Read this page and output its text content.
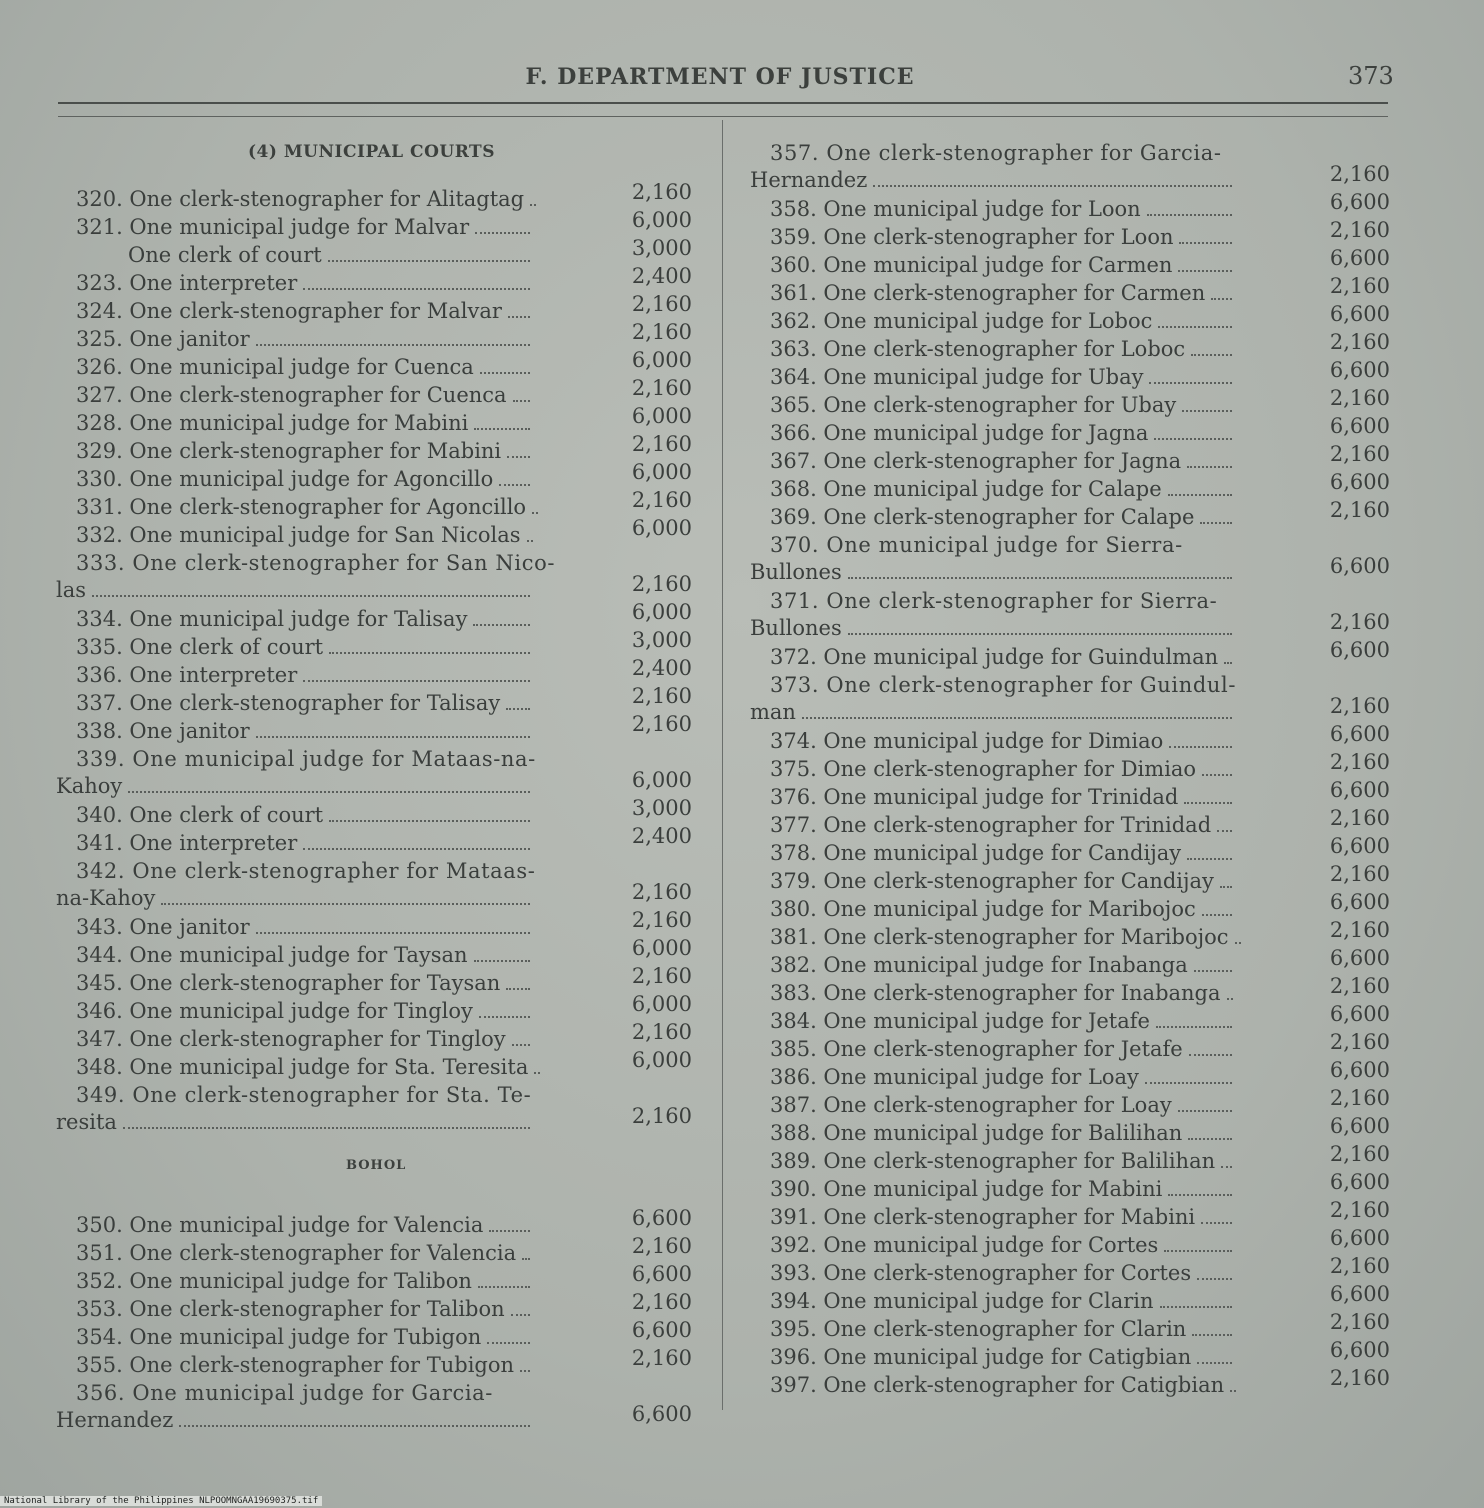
F. DEPARTMENT OF JUSTICE	373
(4) MUNICIPAL COURTS
BOHOL
320. One clerk-stenographer for Alitagtag	2,160
321. One municipal judge for Malvar	6,000
One clerk of court	3,000
323. One interpreter	2,400
324. One clerk-stenographer for Malvar	2,160
325. One janitor	2,160
326. One municipal judge for Cuenca	6,000
327. One clerk-stenographer for Cuenca	2,160
328. One municipal judge for Mabini	6,000
329. One clerk-stenographer for Mabini	2,160
330. One municipal judge for Agoncillo	6,000
331. One clerk-stenographer for Agoncillo	2,160
332. One municipal judge for San Nicolas	6,000
333. One clerk-stenographer for San Nico-
las	2,160
334. One municipal judge for Talisay	6,000
335. One clerk of court	3,000
336. One interpreter	2,400
337. One clerk-stenographer for Talisay	2,160
338. One janitor	2,160
339. One municipal judge for Mataas-na-
Kahoy	6,000
340. One clerk of court	3,000
341. One interpreter	2,400
342. One clerk-stenographer for Mataas-
na-Kahoy	2,160
343. One janitor	2,160
344. One municipal judge for Taysan	6,000
345. One clerk-stenographer for Taysan	2,160
346. One municipal judge for Tingloy	6,000
347. One clerk-stenographer for Tingloy	2,160
348. One municipal judge for Sta. Teresita	6,000
349. One clerk-stenographer for Sta. Te-
resita	2,160
350. One municipal judge for Valencia	6,600
351. One clerk-stenographer for Valencia	2,160
352. One municipal judge for Talibon	6,600
353. One clerk-stenographer for Talibon	2,160
354. One municipal judge for Tubigon	6,600
355. One clerk-stenographer for Tubigon	2,160
356. One municipal judge for Garcia-
Hernandez	6,600
357. One clerk-stenographer for Garcia-
Hernandez	2,160
358. One municipal judge for Loon	6,600
359. One clerk-stenographer for Loon	2,160
360. One municipal judge for Carmen	6,600
361. One clerk-stenographer for Carmen	2,160
362. One municipal judge for Loboc	6,600
363. One clerk-stenographer for Loboc	2,160
364. One municipal judge for Ubay	6,600
365. One clerk-stenographer for Ubay	2,160
366. One municipal judge for Jagna	6,600
367. One clerk-stenographer for Jagna	2,160
368. One municipal judge for Calape	6,600
369. One clerk-stenographer for Calape	2,160
370. One municipal judge for Sierra-
Bullones	6,600
371. One clerk-stenographer for Sierra-
Bullones	2,160
372. One municipal judge for Guindulman	6,600
373. One clerk-stenographer for Guindul-
man	2,160
374. One municipal judge for Dimiao	6,600
375. One clerk-stenographer for Dimiao	2,160
376. One municipal judge for Trinidad	6,600
377. One clerk-stenographer for Trinidad	2,160
378. One municipal judge for Candijay	6,600
379. One clerk-stenographer for Candijay	2,160
380. One municipal judge for Maribojoc	6,600
381. One clerk-stenographer for Maribojoc	2,160
382. One municipal judge for Inabanga	6,600
383. One clerk-stenographer for Inabanga	2,160
384. One municipal judge for Jetafe	6,600
385. One clerk-stenographer for Jetafe	2,160
386. One municipal judge for Loay	6,600
387. One clerk-stenographer for Loay	2,160
388. One municipal judge for Balilihan	6,600
389. One clerk-stenographer for Balilihan	2,160
390. One municipal judge for Mabini	6,600
391. One clerk-stenographer for Mabini	2,160
392. One municipal judge for Cortes	6,600
393. One clerk-stenographer for Cortes	2,160
394. One municipal judge for Clarin	6,600
395. One clerk-stenographer for Clarin	2,160
396. One municipal judge for Catigbian	6,600
397. One clerk-stenographer for Catigbian	2,160
National Library of the Philippines NLPOOMNGAA19690375.tif
